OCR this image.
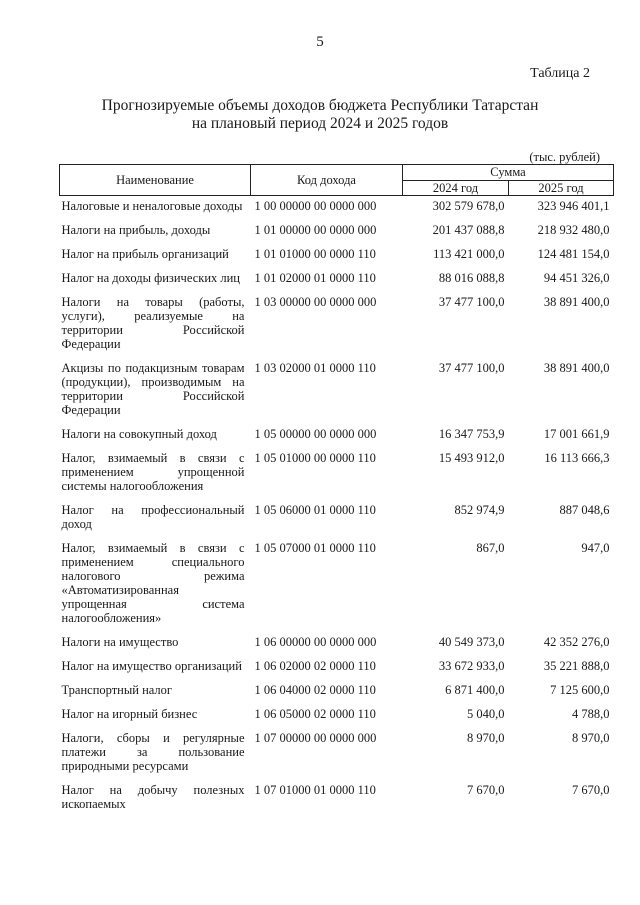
5
Таблица 2
Прогнозируемые объемы доходов бюджета Республики Татарстан
на плановый период 2024 и 2025 годов
(тыс. рублей)
Наименование	Код дохода	Сумма	
		2024 год	2025 год
Налоговые и неналоговые доходы	1 00 00000 00 0000 000	302 579 678,0	323 946 401,1
Налоги на прибыль, доходы	1 01 00000 00 0000 000	201 437 088,8	218 932 480,0
Налог на прибыль организаций	1 01 01000 00 0000 110	113 421 000,0	124 481 154,0
Налог на доходы физических лиц	1 01 02000 01 0000 110	88 016 088,8	94 451 326,0
Налоги на товары (работы, услуги), реализуемые на территории Российской Федерации	1 03 00000 00 0000 000	37 477 100,0	38 891 400,0
Акцизы по подакцизным товарам (продукции), производимым на территории Российской Федерации	1 03 02000 01 0000 110	37 477 100,0	38 891 400,0
Налоги на совокупный доход	1 05 00000 00 0000 000	16 347 753,9	17 001 661,9
Налог, взимаемый в связи с применением упрощенной системы налогообложения	1 05 01000 00 0000 110	15 493 912,0	16 113 666,3
Налог на профессиональный доход	1 05 06000 01 0000 110	852 974,9	887 048,6
Налог, взимаемый в связи с применением специального налогового режима «Автоматизированная упрощенная система налогообложения»	1 05 07000 01 0000 110	867,0	947,0
Налоги на имущество	1 06 00000 00 0000 000	40 549 373,0	42 352 276,0
Налог на имущество организаций	1 06 02000 02 0000 110	33 672 933,0	35 221 888,0
Транспортный налог	1 06 04000 02 0000 110	6 871 400,0	7 125 600,0
Налог на игорный бизнес	1 06 05000 02 0000 110	5 040,0	4 788,0
Налоги, сборы и регулярные платежи за пользование природными ресурсами	1 07 00000 00 0000 000	8 970,0	8 970,0
Налог на добычу полезных ископаемых	1 07 01000 01 0000 110	7 670,0	7 670,0
